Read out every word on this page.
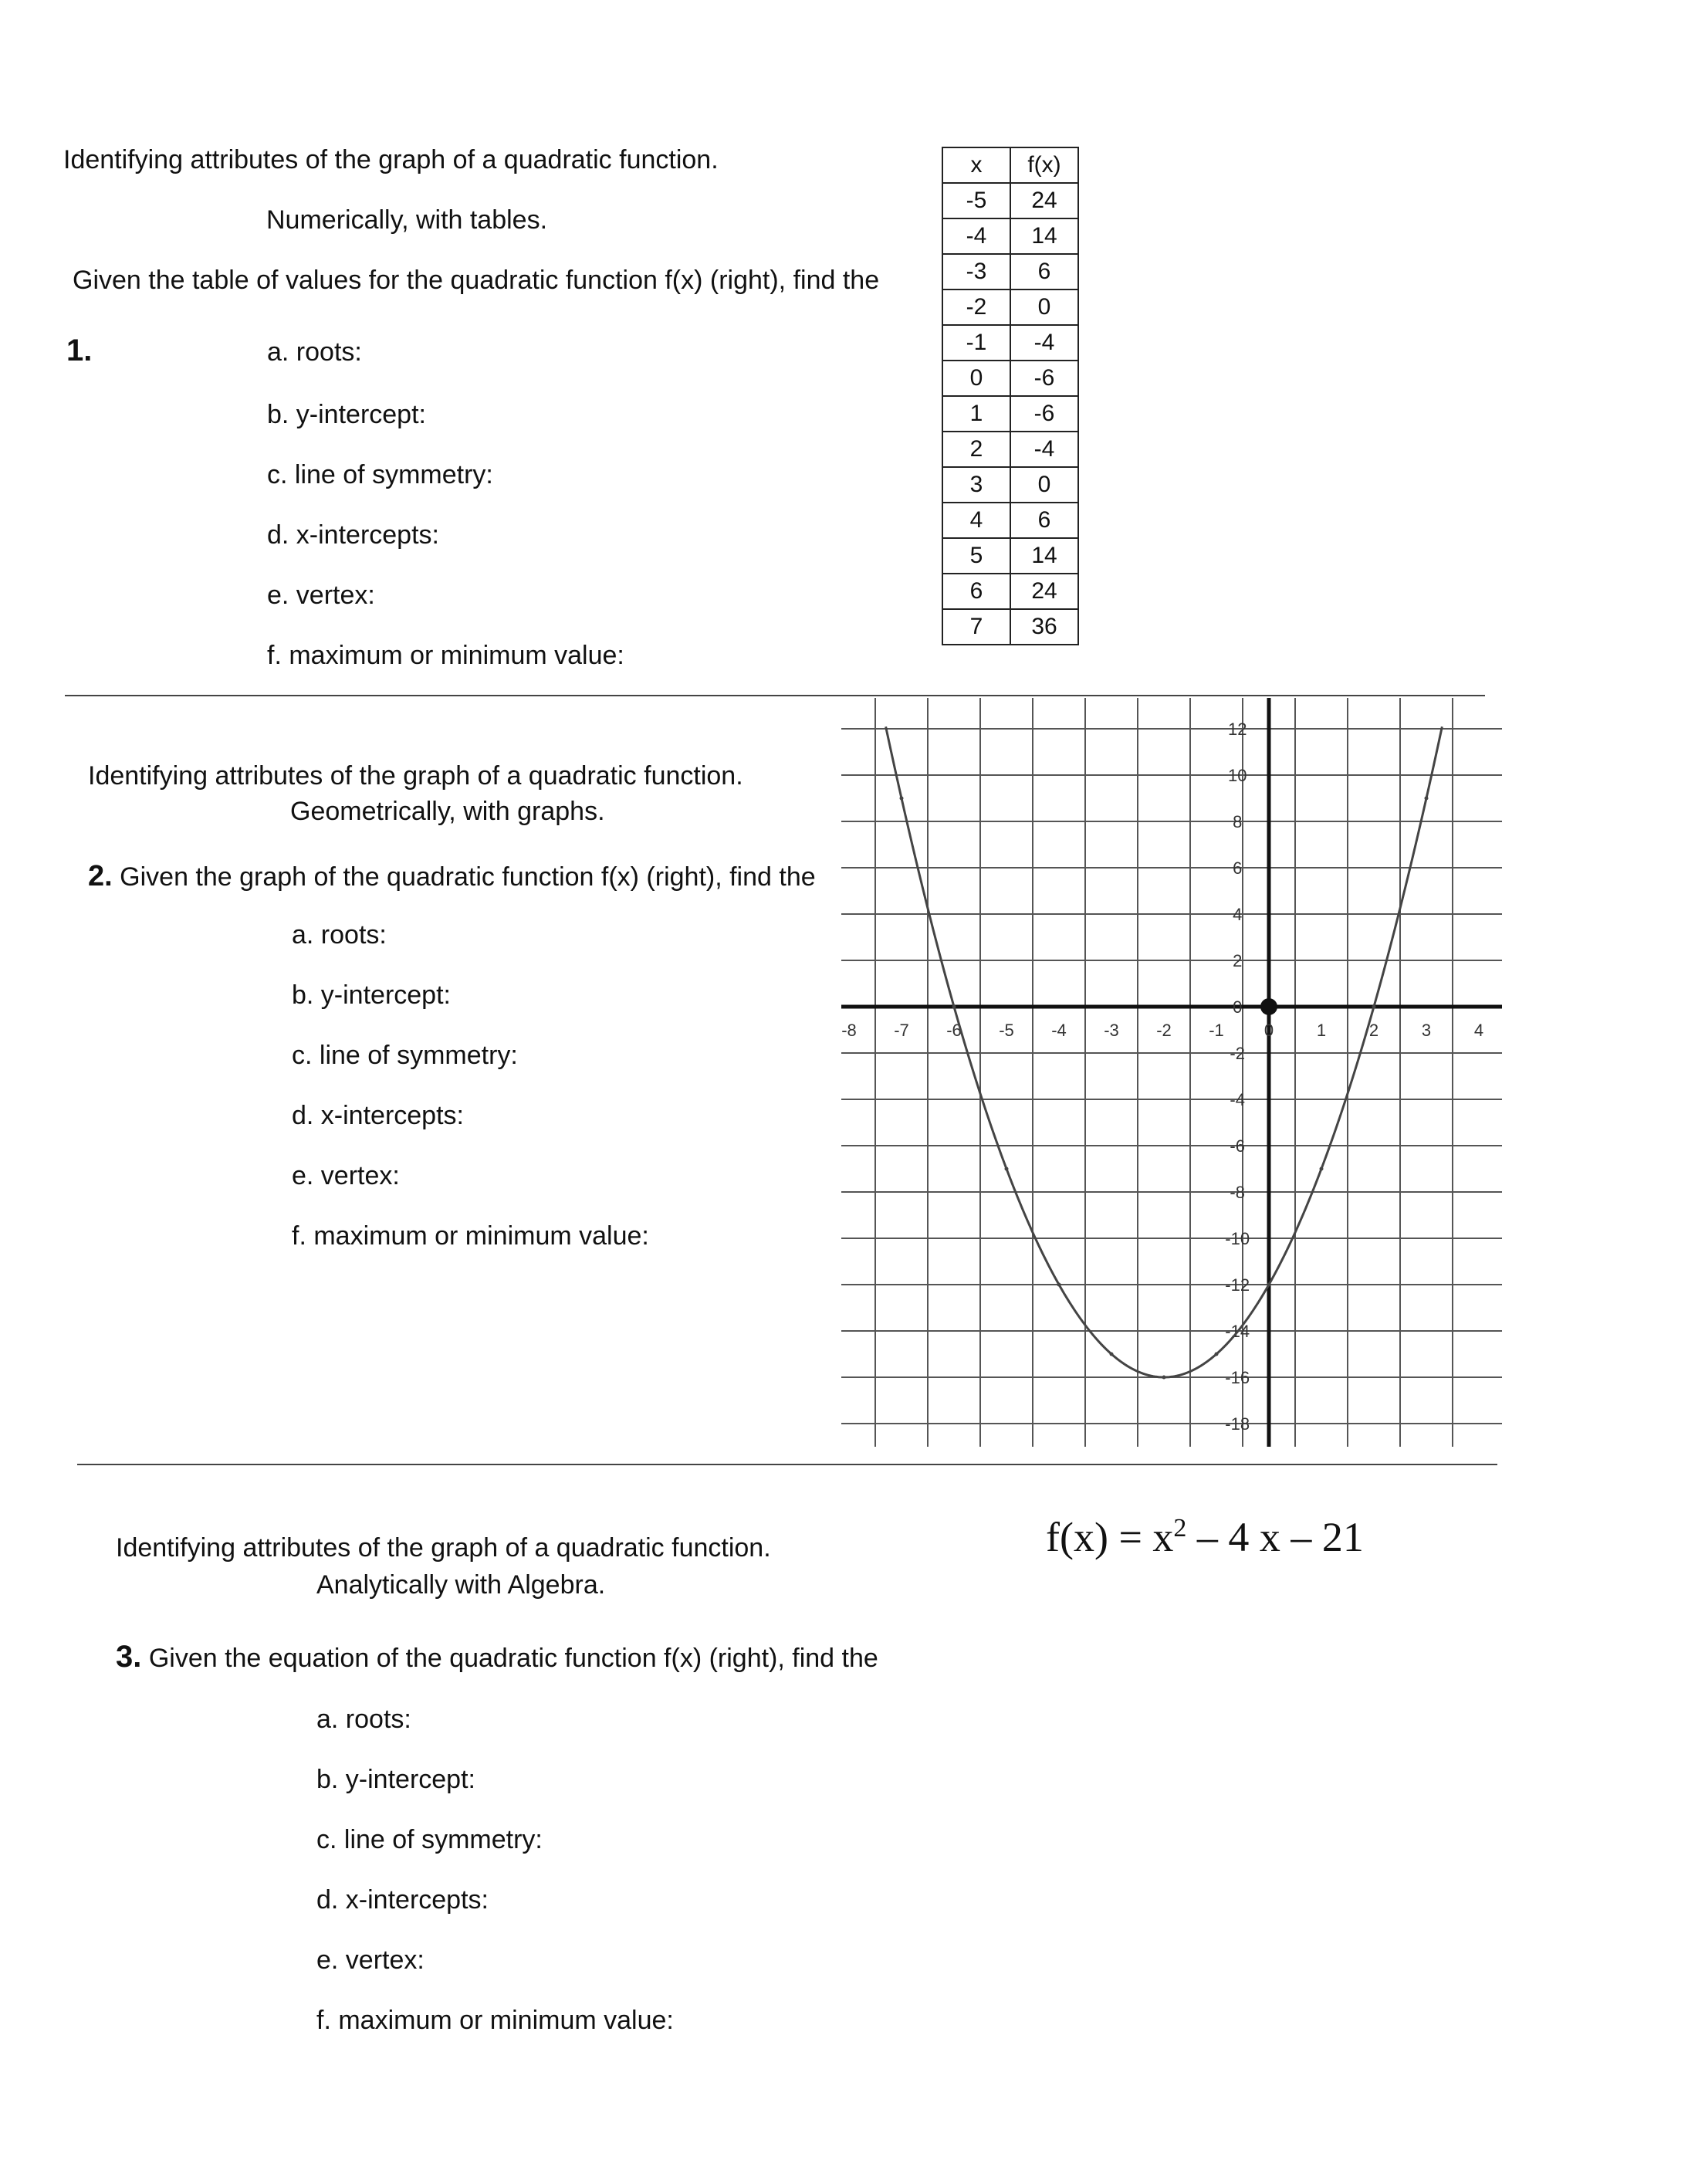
Identifying attributes of the graph of a quadratic function.
Numerically, with tables.
Given the table of values for the quadratic function f(x) (right), find the
1.	a. roots:
b. y-intercept:
c. line of symmetry:
d. x-intercepts:
e. vertex:
f. maximum or minimum value:
x	f(x)
-5	24
-4	14
-3	6
-2	0
-1	-4
0	-6
1	-6
2	-4
3	0
4	6
5	14
6	24
7	36
Identifying attributes of the graph of a quadratic function.
Geometrically, with graphs.
2. Given the graph of the quadratic function f(x) (right), find the
a. roots:
b. y-intercept:
c. line of symmetry:
d. x-intercepts:
e. vertex:
f. maximum or minimum value:
-8 -7 -6 -5 -4 -3 -2 -1 0	1	2	3	4
12
10
8
6
4
2
0
-2
-4
-6
-8
-10
-12
-14
-16
-18
Identifying attributes of the graph of a quadratic function.
Analytically with Algebra.
3. Given the equation of the quadratic function f(x) (right), find the
$f(x) = x^2 - 4$ x – 21
a. roots:
b. y-intercept:
c. line of symmetry:
d. x-intercepts:
e. vertex:
f. maximum or minimum value:
